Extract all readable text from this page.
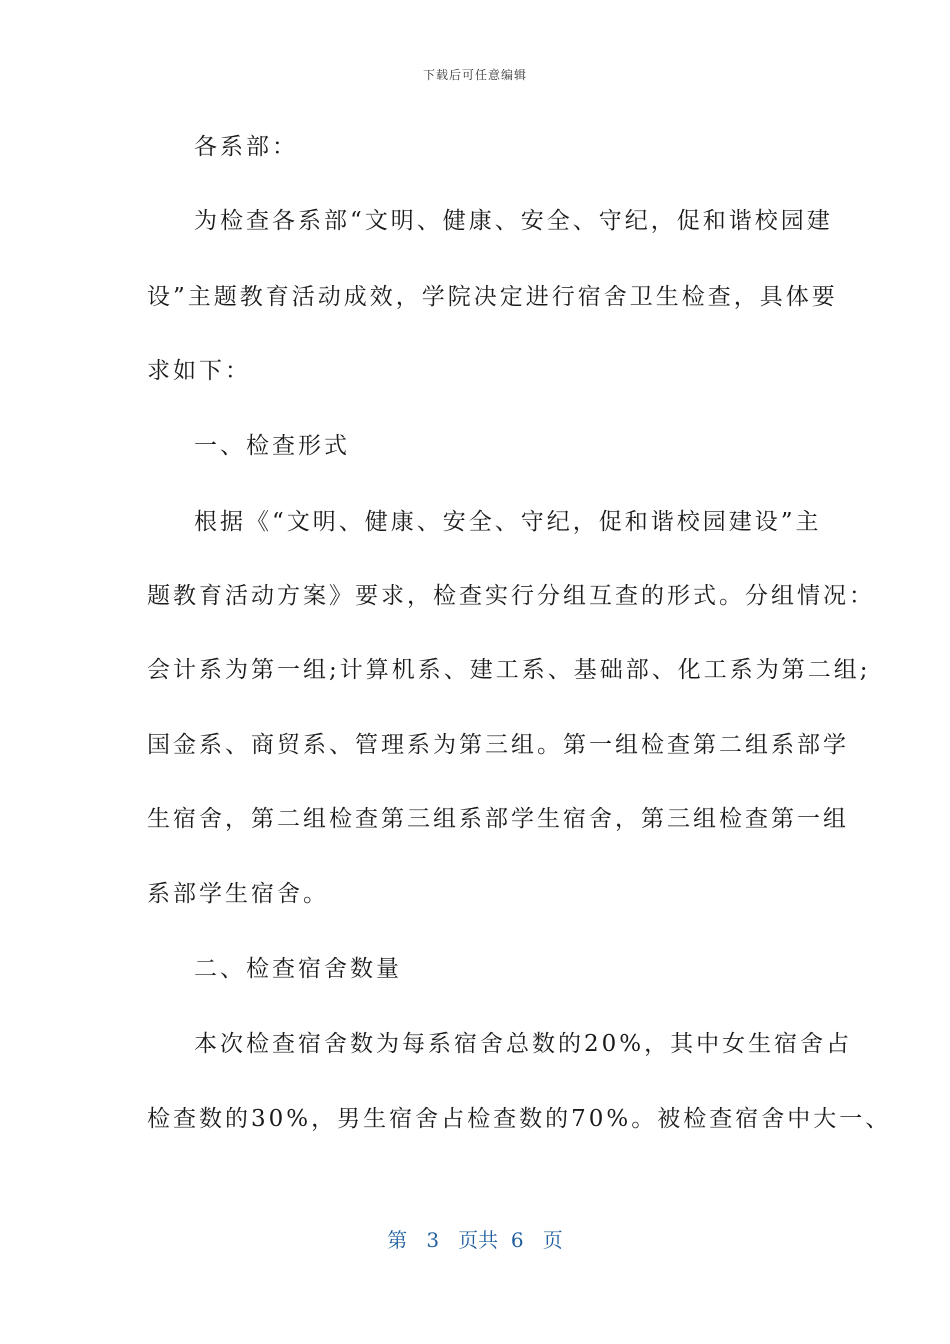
下载后可任意编辑
各系部：
为检查各系部“文明、健康、安全、守纪，促和谐校园建
设”主题教育活动成效，学院决定进行宿舍卫生检查，具体要
求如下：
一、检查形式
根据《“文明、健康、安全、守纪，促和谐校园建设”主
题教育活动方案》要求，检查实行分组互查的形式。分组情况：
会计系为第一组;计算机系、建工系、基础部、化工系为第二组;
国金系、商贸系、管理系为第三组。第一组检查第二组系部学
生宿舍，第二组检查第三组系部学生宿舍，第三组检查第一组
系部学生宿舍。
二、检查宿舍数量
本次检查宿舍数为每系宿舍总数的20%，其中女生宿舍占
检查数的30%，男生宿舍占检查数的70%。被检查宿舍中大一、
第 3 页共 6 页
